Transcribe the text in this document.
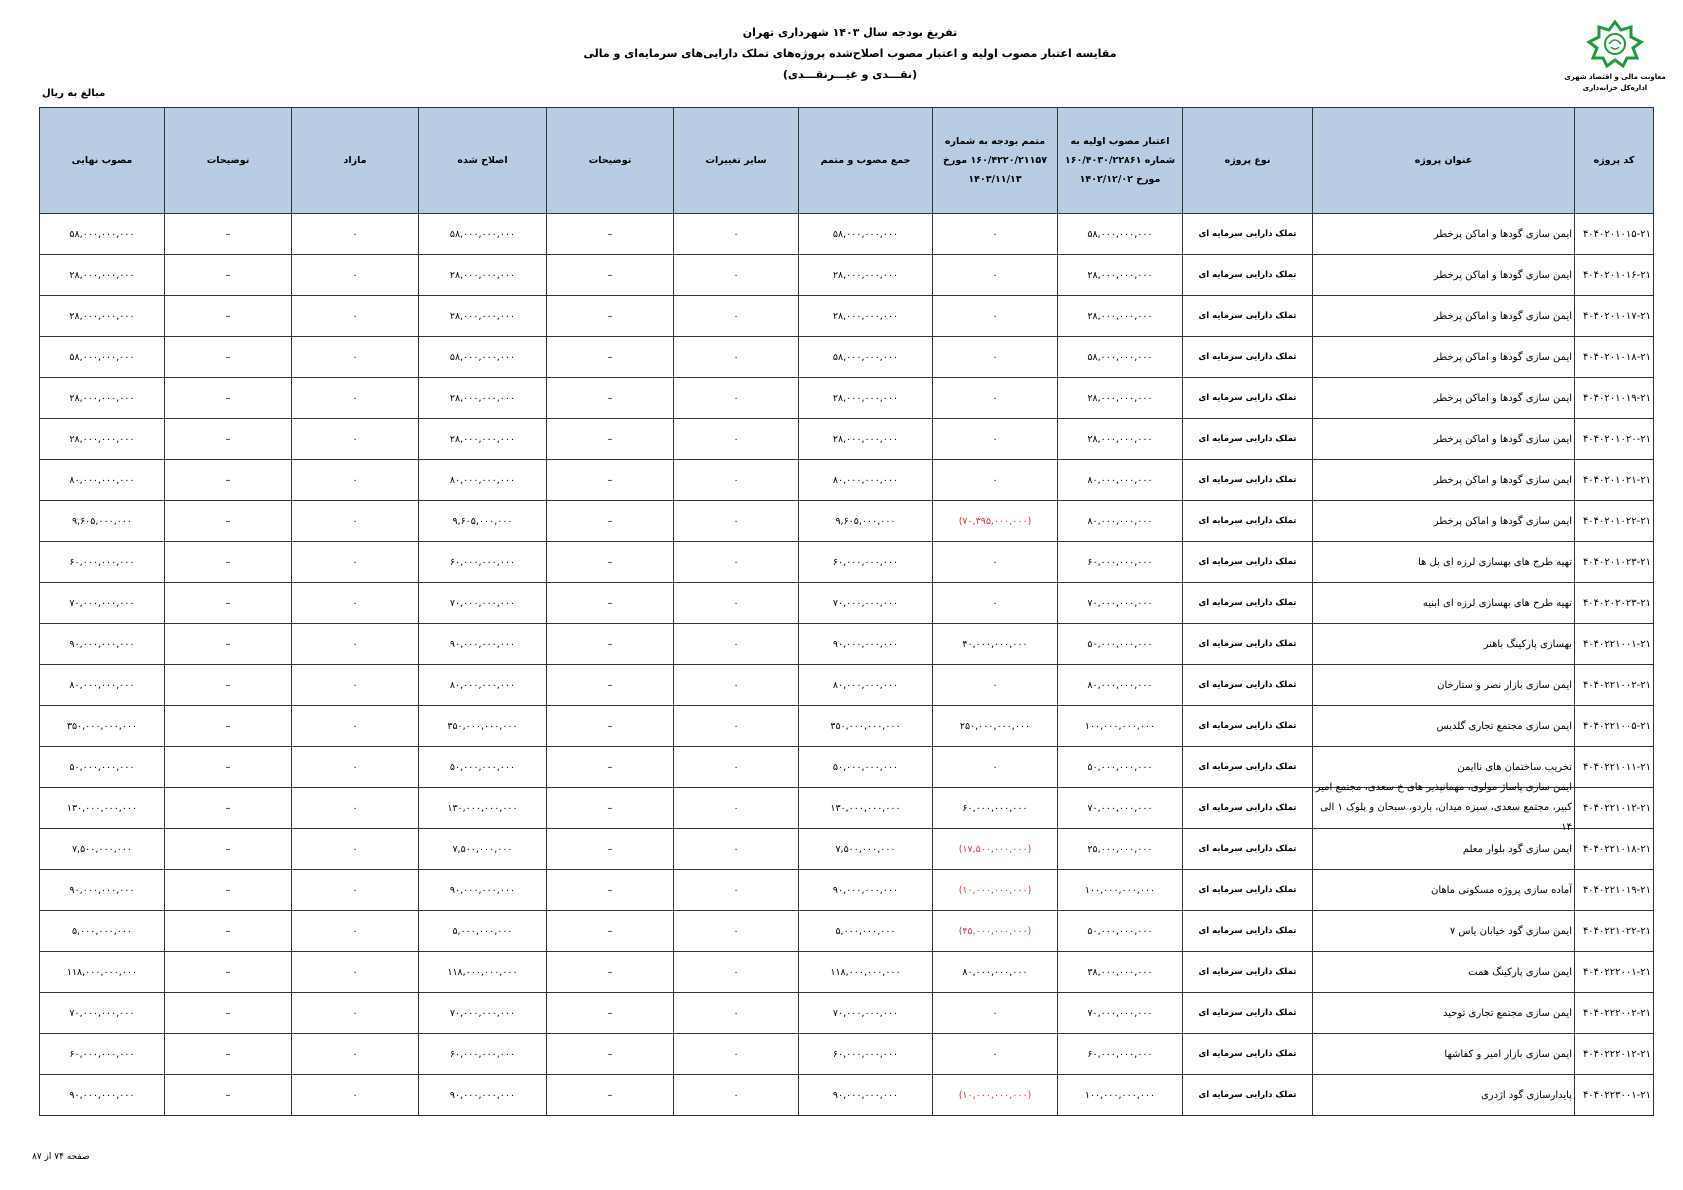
تفریغ بودجه سال ۱۴۰۳ شهرداری تهران
مقایسه اعتبار مصوب اولیه و اعتبار مصوب اصلاح‌شده پروژه‌های تملک دارایی‌های سرمایه‌ای و مالی
(نقـــدی و غیـــرنقـــدی)	معاونت مالی و اقتصاد شهری
اداره‌کل خزانه‌داری
مبالغ به ریال
کد پروژه	عنوان پروژه	نوع پروژه	اعتبار مصوب اولیه به شماره ۱۶۰/۴۰۳۰/۲۲۸۶۱ مورخ ۱۴۰۲/۱۲/۰۲	متمم بودجه به شماره ۱۶۰/۴۲۲۰/۲۱۱۵۷ مورخ ۱۴۰۳/۱۱/۱۳	جمع مصوب و متمم	سایر تغییرات	توضیحات	اصلاح شده	مازاد	توضیحات	مصوب نهایی
۴۰۴۰۲۰۱۰۱۵-۲۱	ایمن سازی گودها و اماکن پرخطر	تملک دارایی سرمایه ای	۵۸,۰۰۰,۰۰۰,۰۰۰	۰	۵۸,۰۰۰,۰۰۰,۰۰۰	۰	–	۵۸,۰۰۰,۰۰۰,۰۰۰	۰	–	۵۸,۰۰۰,۰۰۰,۰۰۰
۴۰۴۰۲۰۱۰۱۶-۲۱	ایمن سازی گودها و اماکن پرخطر	تملک دارایی سرمایه ای	۲۸,۰۰۰,۰۰۰,۰۰۰	۰	۲۸,۰۰۰,۰۰۰,۰۰۰	۰	–	۲۸,۰۰۰,۰۰۰,۰۰۰	۰	–	۲۸,۰۰۰,۰۰۰,۰۰۰
۴۰۴۰۲۰۱۰۱۷-۲۱	ایمن سازی گودها و اماکن پرخطر	تملک دارایی سرمایه ای	۲۸,۰۰۰,۰۰۰,۰۰۰	۰	۲۸,۰۰۰,۰۰۰,۰۰۰	۰	–	۲۸,۰۰۰,۰۰۰,۰۰۰	۰	–	۲۸,۰۰۰,۰۰۰,۰۰۰
۴۰۴۰۲۰۱۰۱۸-۲۱	ایمن سازی گودها و اماکن پرخطر	تملک دارایی سرمایه ای	۵۸,۰۰۰,۰۰۰,۰۰۰	۰	۵۸,۰۰۰,۰۰۰,۰۰۰	۰	–	۵۸,۰۰۰,۰۰۰,۰۰۰	۰	–	۵۸,۰۰۰,۰۰۰,۰۰۰
۴۰۴۰۲۰۱۰۱۹-۲۱	ایمن سازی گودها و اماکن پرخطر	تملک دارایی سرمایه ای	۲۸,۰۰۰,۰۰۰,۰۰۰	۰	۲۸,۰۰۰,۰۰۰,۰۰۰	۰	–	۲۸,۰۰۰,۰۰۰,۰۰۰	۰	–	۲۸,۰۰۰,۰۰۰,۰۰۰
۴۰۴۰۲۰۱۰۲۰-۲۱	ایمن سازی گودها و اماکن پرخطر	تملک دارایی سرمایه ای	۲۸,۰۰۰,۰۰۰,۰۰۰	۰	۲۸,۰۰۰,۰۰۰,۰۰۰	۰	–	۲۸,۰۰۰,۰۰۰,۰۰۰	۰	–	۲۸,۰۰۰,۰۰۰,۰۰۰
۴۰۴۰۲۰۱۰۲۱-۲۱	ایمن سازی گودها و اماکن پرخطر	تملک دارایی سرمایه ای	۸۰,۰۰۰,۰۰۰,۰۰۰	۰	۸۰,۰۰۰,۰۰۰,۰۰۰	۰	–	۸۰,۰۰۰,۰۰۰,۰۰۰	۰	–	۸۰,۰۰۰,۰۰۰,۰۰۰
۴۰۴۰۲۰۱۰۲۲-۲۱	ایمن سازی گودها و اماکن پرخطر	تملک دارایی سرمایه ای	۸۰,۰۰۰,۰۰۰,۰۰۰	(۷۰,۳۹۵,۰۰۰,۰۰۰)	۹,۶۰۵,۰۰۰,۰۰۰	۰	–	۹,۶۰۵,۰۰۰,۰۰۰	۰	–	۹,۶۰۵,۰۰۰,۰۰۰
۴۰۴۰۲۰۱۰۲۳-۲۱	تهیه طرح های بهسازی لرزه ای پل ها	تملک دارایی سرمایه ای	۶۰,۰۰۰,۰۰۰,۰۰۰	۰	۶۰,۰۰۰,۰۰۰,۰۰۰	۰	–	۶۰,۰۰۰,۰۰۰,۰۰۰	۰	–	۶۰,۰۰۰,۰۰۰,۰۰۰
۴۰۴۰۲۰۲۰۲۳-۲۱	تهیه طرح های بهسازی لرزه ای ابنیه	تملک دارایی سرمایه ای	۷۰,۰۰۰,۰۰۰,۰۰۰	۰	۷۰,۰۰۰,۰۰۰,۰۰۰	۰	–	۷۰,۰۰۰,۰۰۰,۰۰۰	۰	–	۷۰,۰۰۰,۰۰۰,۰۰۰
۴۰۴۰۲۲۱۰۰۱-۲۱	بهسازی پارکینگ باهنر	تملک دارایی سرمایه ای	۵۰,۰۰۰,۰۰۰,۰۰۰	۴۰,۰۰۰,۰۰۰,۰۰۰	۹۰,۰۰۰,۰۰۰,۰۰۰	۰	–	۹۰,۰۰۰,۰۰۰,۰۰۰	۰	–	۹۰,۰۰۰,۰۰۰,۰۰۰
۴۰۴۰۲۲۱۰۰۲-۲۱	ایمن سازی بازار نصر و ستارخان	تملک دارایی سرمایه ای	۸۰,۰۰۰,۰۰۰,۰۰۰	۰	۸۰,۰۰۰,۰۰۰,۰۰۰	۰	–	۸۰,۰۰۰,۰۰۰,۰۰۰	۰	–	۸۰,۰۰۰,۰۰۰,۰۰۰
۴۰۴۰۲۲۱۰۰۵-۲۱	ایمن سازی مجتمع تجاری گلدیس	تملک دارایی سرمایه ای	۱۰۰,۰۰۰,۰۰۰,۰۰۰	۲۵۰,۰۰۰,۰۰۰,۰۰۰	۳۵۰,۰۰۰,۰۰۰,۰۰۰	۰	–	۳۵۰,۰۰۰,۰۰۰,۰۰۰	۰	–	۳۵۰,۰۰۰,۰۰۰,۰۰۰
۴۰۴۰۲۲۱۰۱۱-۲۱	تخریب ساختمان های ناایمن	تملک دارایی سرمایه ای	۵۰,۰۰۰,۰۰۰,۰۰۰	۰	۵۰,۰۰۰,۰۰۰,۰۰۰	۰	–	۵۰,۰۰۰,۰۰۰,۰۰۰	۰	–	۵۰,۰۰۰,۰۰۰,۰۰۰
۴۰۴۰۲۲۱۰۱۲-۲۱	ایمن سازی پاساژ مولوی، مهمانپذیر های خ سعدی، مجتمع امیر کبیر، مجتمع سعدی، سبزه میدان، باردو، سبحان و بلوک ۱ الی ۱۴	تملک دارایی سرمایه ای	۷۰,۰۰۰,۰۰۰,۰۰۰	۶۰,۰۰۰,۰۰۰,۰۰۰	۱۳۰,۰۰۰,۰۰۰,۰۰۰	۰	–	۱۳۰,۰۰۰,۰۰۰,۰۰۰	۰	–	۱۳۰,۰۰۰,۰۰۰,۰۰۰
۴۰۴۰۲۲۱۰۱۸-۲۱	ایمن سازی گود بلوار معلم	تملک دارایی سرمایه ای	۲۵,۰۰۰,۰۰۰,۰۰۰	(۱۷,۵۰۰,۰۰۰,۰۰۰)	۷,۵۰۰,۰۰۰,۰۰۰	۰	–	۷,۵۰۰,۰۰۰,۰۰۰	۰	–	۷,۵۰۰,۰۰۰,۰۰۰
۴۰۴۰۲۲۱۰۱۹-۲۱	آماده سازی پروژه مسکونی ماهان	تملک دارایی سرمایه ای	۱۰۰,۰۰۰,۰۰۰,۰۰۰	(۱۰,۰۰۰,۰۰۰,۰۰۰)	۹۰,۰۰۰,۰۰۰,۰۰۰	۰	–	۹۰,۰۰۰,۰۰۰,۰۰۰	۰	–	۹۰,۰۰۰,۰۰۰,۰۰۰
۴۰۴۰۲۲۱۰۲۲-۲۱	ایمن سازی گود خیابان یاس ۷	تملک دارایی سرمایه ای	۵۰,۰۰۰,۰۰۰,۰۰۰	(۴۵,۰۰۰,۰۰۰,۰۰۰)	۵,۰۰۰,۰۰۰,۰۰۰	۰	–	۵,۰۰۰,۰۰۰,۰۰۰	۰	–	۵,۰۰۰,۰۰۰,۰۰۰
۴۰۴۰۲۲۲۰۰۱-۲۱	ایمن سازی پارکینگ همت	تملک دارایی سرمایه ای	۳۸,۰۰۰,۰۰۰,۰۰۰	۸۰,۰۰۰,۰۰۰,۰۰۰	۱۱۸,۰۰۰,۰۰۰,۰۰۰	۰	–	۱۱۸,۰۰۰,۰۰۰,۰۰۰	۰	–	۱۱۸,۰۰۰,۰۰۰,۰۰۰
۴۰۴۰۲۲۲۰۰۲-۲۱	ایمن سازی مجتمع تجاری توحید	تملک دارایی سرمایه ای	۷۰,۰۰۰,۰۰۰,۰۰۰	۰	۷۰,۰۰۰,۰۰۰,۰۰۰	۰	–	۷۰,۰۰۰,۰۰۰,۰۰۰	۰	–	۷۰,۰۰۰,۰۰۰,۰۰۰
۴۰۴۰۲۲۲۰۱۲-۲۱	ایمن سازی بازار امیر و کفاشها	تملک دارایی سرمایه ای	۶۰,۰۰۰,۰۰۰,۰۰۰	۰	۶۰,۰۰۰,۰۰۰,۰۰۰	۰	–	۶۰,۰۰۰,۰۰۰,۰۰۰	۰	–	۶۰,۰۰۰,۰۰۰,۰۰۰
۴۰۴۰۲۲۳۰۰۱-۲۱	پایدارسازی گود اژدری	تملک دارایی سرمایه ای	۱۰۰,۰۰۰,۰۰۰,۰۰۰	(۱۰,۰۰۰,۰۰۰,۰۰۰)	۹۰,۰۰۰,۰۰۰,۰۰۰	۰	–	۹۰,۰۰۰,۰۰۰,۰۰۰	۰	–	۹۰,۰۰۰,۰۰۰,۰۰۰
صفحه ۷۴ از ۸۷
